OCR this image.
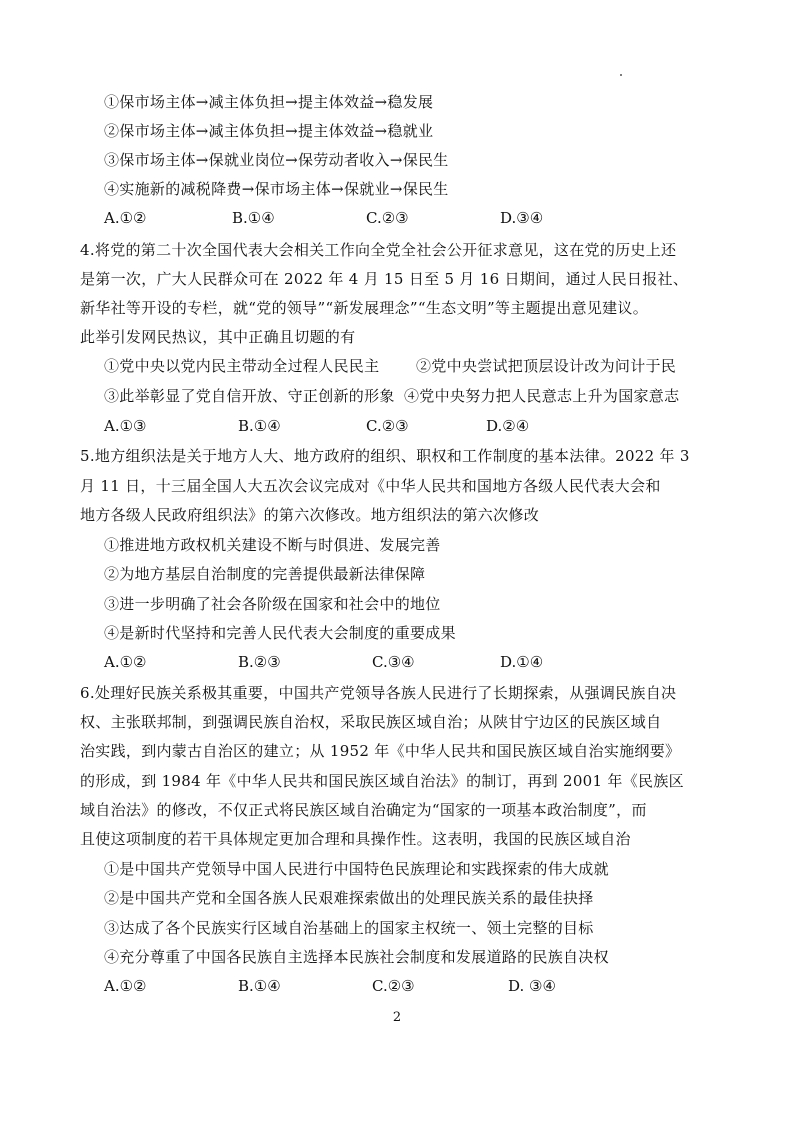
①保市场主体→减主体负担→提主体效益→稳发展
②保市场主体→减主体负担→提主体效益→稳就业
③保市场主体→保就业岗位→保劳动者收入→保民生
④实施新的减税降费→保市场主体→保就业→保民生
A.①②	B.①④	C.②③	D.③④
4.将党的第二十次全国代表大会相关工作向全党全社会公开征求意见，这在党的历史上还
是第一次，广大人民群众可在 2022 年 4 月 15 日至 5 月 16 日期间，通过人民日报社、
新华社等开设的专栏，就“党的领导”“新发展理念”“生态文明”等主题提出意见建议。
此举引发网民热议，其中正确且切题的有
①党中央以党内民主带动全过程人民民主 ②党中央尝试把顶层设计改为问计于民
③此举彰显了党自信开放、守正创新的形象 ④党中央努力把人民意志上升为国家意志
A.①③	B.①④	C.②③	D.②④
5.地方组织法是关于地方人大、地方政府的组织、职权和工作制度的基本法律。2022 年 3
月 11 日，十三届全国人大五次会议完成对《中华人民共和国地方各级人民代表大会和
地方各级人民政府组织法》的第六次修改。地方组织法的第六次修改
①推进地方政权机关建设不断与时俱进、发展完善
②为地方基层自治制度的完善提供最新法律保障
③进一步明确了社会各阶级在国家和社会中的地位
④是新时代坚持和完善人民代表大会制度的重要成果
A.①②	B.②③	C.③④	D.①④
6.处理好民族关系极其重要，中国共产党领导各族人民进行了长期探索，从强调民族自决
权、主张联邦制，到强调民族自治权，采取民族区域自治；从陕甘宁边区的民族区域自
治实践，到内蒙古自治区的建立；从 1952 年《中华人民共和国民族区域自治实施纲要》
的形成，到 1984 年《中华人民共和国民族区域自治法》的制订，再到 2001 年《民族区
域自治法》的修改，不仅正式将民族区域自治确定为“国家的一项基本政治制度”，而
且使这项制度的若干具体规定更加合理和具操作性。这表明，我国的民族区域自治
①是中国共产党领导中国人民进行中国特色民族理论和实践探索的伟大成就
②是中国共产党和全国各族人民艰难探索做出的处理民族关系的最佳抉择
③达成了各个民族实行区域自治基础上的国家主权统一、领土完整的目标
④充分尊重了中国各民族自主选择本民族社会制度和发展道路的民族自决权
A.①②	B.①④	C.②③	D. ③④
2
